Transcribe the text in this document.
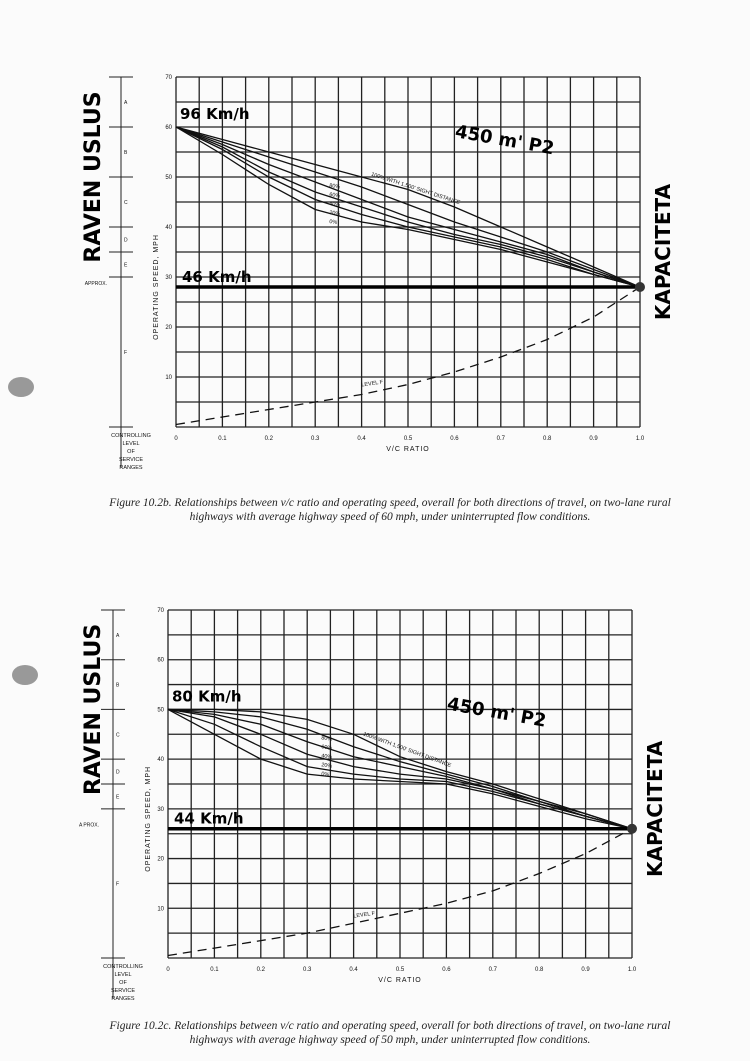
0	0.1	0.2	0.3	0.4	0.5	0.6	0.7	0.8	0.9	1.0
10
20
30
40
50
60
70
V/C RATIO
OPERATING SPEED, MPH
A
B
C
D
E
F
APPROX.
CONTROLLING
LEVEL
OF
SERVICE
RANGES
100% WITH 1,500' SIGHT DISTANCE
80%
60%
40%
20%
0%
LEVEL F
RAVEN USLUS	96 Km/h
46 Km/h
450 m' P2
KAPACITETA
Figure 10.2b. Relationships between v/c ratio and operating speed, overall for both directions of travel, on two-lane rural highways with average highway speed of 60 mph, under uninterrupted flow conditions.
0	0.1	0.2	0.3	0.4	0.5	0.6	0.7	0.8	0.9	1.0
10
20
30
40
50
60
70
V/C RATIO
OPERATING SPEED, MPH
A
B
C
D
E
F
A PROX.
CONTROLLING
LEVEL
OF
SERVICE
RANGES
100% WITH 1,500' SIGHT DISTANCE
80%
60%
40%
20%
0%
LEVEL F
RAVEN USLUS	80 Km/h
44 Km/h
450 m' P2
KAPACITETA
Figure 10.2c. Relationships between v/c ratio and operating speed, overall for both directions of travel, on two-lane rural highways with average highway speed of 50 mph, under uninterrupted flow conditions.
